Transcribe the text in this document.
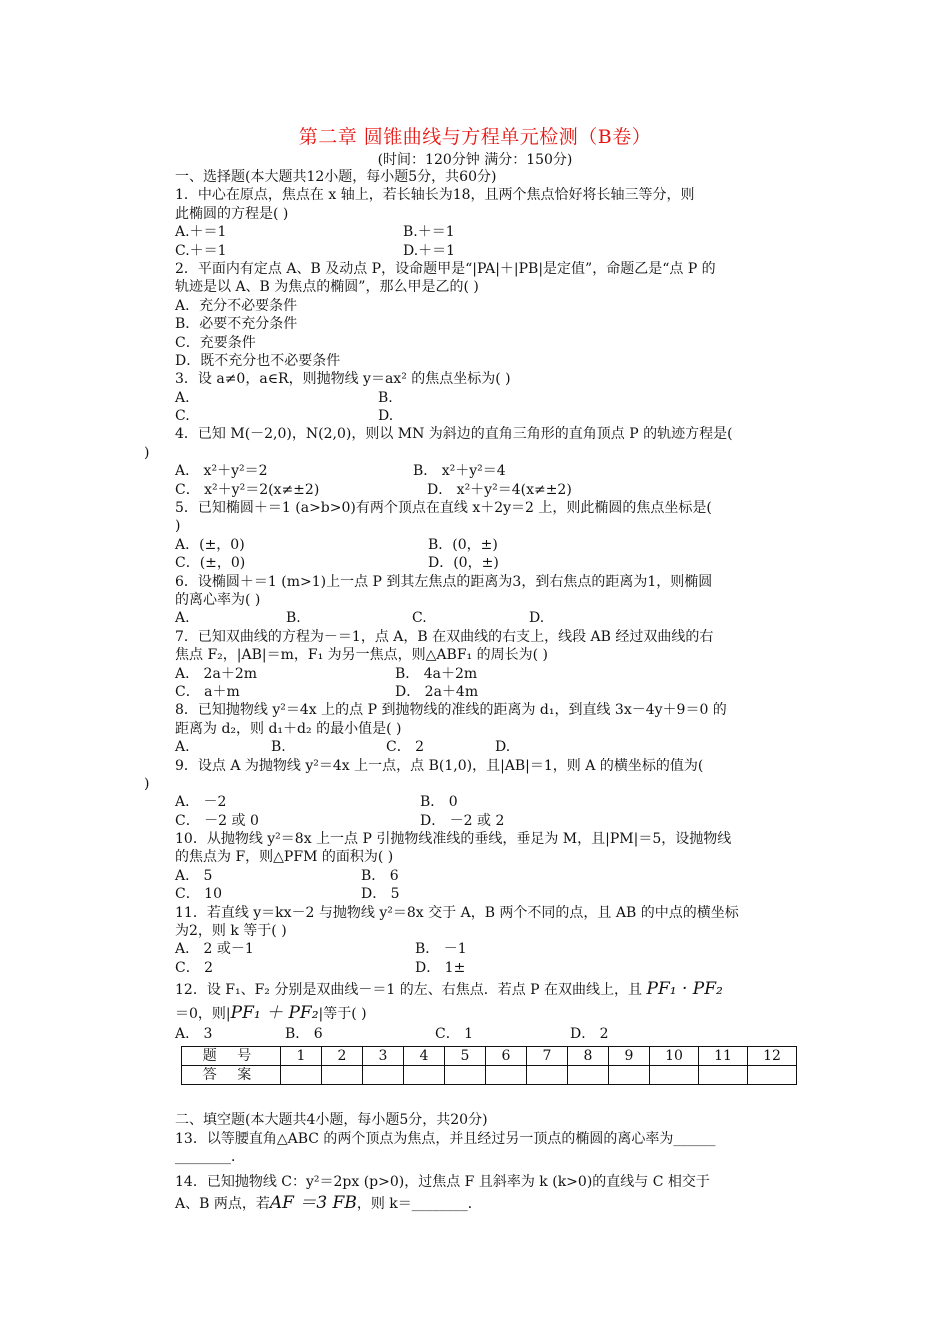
第二章 圆锥曲线与方程单元检测（B卷）
(时间：120分钟 满分：150分)
一、选择题(本大题共12小题，每小题5分，共60分)
1．中心在原点，焦点在 x 轴上，若长轴长为18，且两个焦点恰好将长轴三等分，则
此椭圆的方程是( )
A.＋＝1	B.＋＝1
C.＋＝1	D.＋＝1
2．平面内有定点 A、B 及动点 P，设命题甲是“|PA|＋|PB|是定值”，命题乙是“点 P 的
轨迹是以 A、B 为焦点的椭圆”，那么甲是乙的( )
A．充分不必要条件
B．必要不充分条件
C．充要条件
D．既不充分也不必要条件
3．设 a≠0，a∈R，则抛物线 y＝ax² 的焦点坐标为( )
A.	B.
C.	D.
4．已知 M(－2,0)，N(2,0)，则以 MN 为斜边的直角三角形的直角顶点 P 的轨迹方程是(
)
A． x²＋y²＝2	B． x²＋y²＝4
C． x²＋y²＝2(x≠±2)	D． x²＋y²＝4(x≠±2)
5．已知椭圆＋＝1 (a>b>0)有两个顶点在直线 x＋2y＝2 上，则此椭圆的焦点坐标是(
)
A．(±，0)	B．(0，±)
C．(±，0)	D．(0，±)
6．设椭圆＋＝1 (m>1)上一点 P 到其左焦点的距离为3，到右焦点的距离为1，则椭圆
的离心率为( )
A.	B.	C.	D.
7．已知双曲线的方程为－＝1，点 A，B 在双曲线的右支上，线段 AB 经过双曲线的右
焦点 F₂，|AB|＝m，F₁ 为另一焦点，则△ABF₁ 的周长为( )
A． 2a＋2m	B． 4a＋2m
C． a＋m	D． 2a＋4m
8．已知抛物线 y²＝4x 上的点 P 到抛物线的准线的距离为 d₁，到直线 3x－4y＋9＝0 的
距离为 d₂，则 d₁＋d₂ 的最小值是( )
A.	B.	C． 2	D.
9．设点 A 为抛物线 y²＝4x 上一点，点 B(1,0)，且|AB|＝1，则 A 的横坐标的值为(
)
A． －2	B． 0
C． －2 或 0	D． －2 或 2
10．从抛物线 y²＝8x 上一点 P 引抛物线准线的垂线，垂足为 M，且|PM|＝5，设抛物线
的焦点为 F，则△PFM 的面积为( )
A． 5	B． 6
C． 10	D． 5
11．若直线 y＝kx－2 与抛物线 y²＝8x 交于 A，B 两个不同的点，且 AB 的中点的横坐标
为2，则 k 等于( )
A． 2 或－1	B． －1
C． 2	D． 1±
12．设 F₁、F₂ 分别是双曲线－＝1 的左、右焦点．若点 P 在双曲线上，且 PF₁ · PF₂
＝0，则|PF₁ ＋ PF₂|等于( )
A． 3	B． 6	C． 1	D． 2
题 号	1	2	3	4	5	6	7	8	9	10	11	12
答 案												
二、填空题(本大题共4小题，每小题5分，共20分)
13．以等腰直角△ABC 的两个顶点为焦点，并且经过另一顶点的椭圆的离心率为______
________．
14．已知抛物线 C：y²＝2px (p>0)，过焦点 F 且斜率为 k (k>0)的直线与 C 相交于
A、B 两点，若AF ＝3 FB，则 k＝________．
